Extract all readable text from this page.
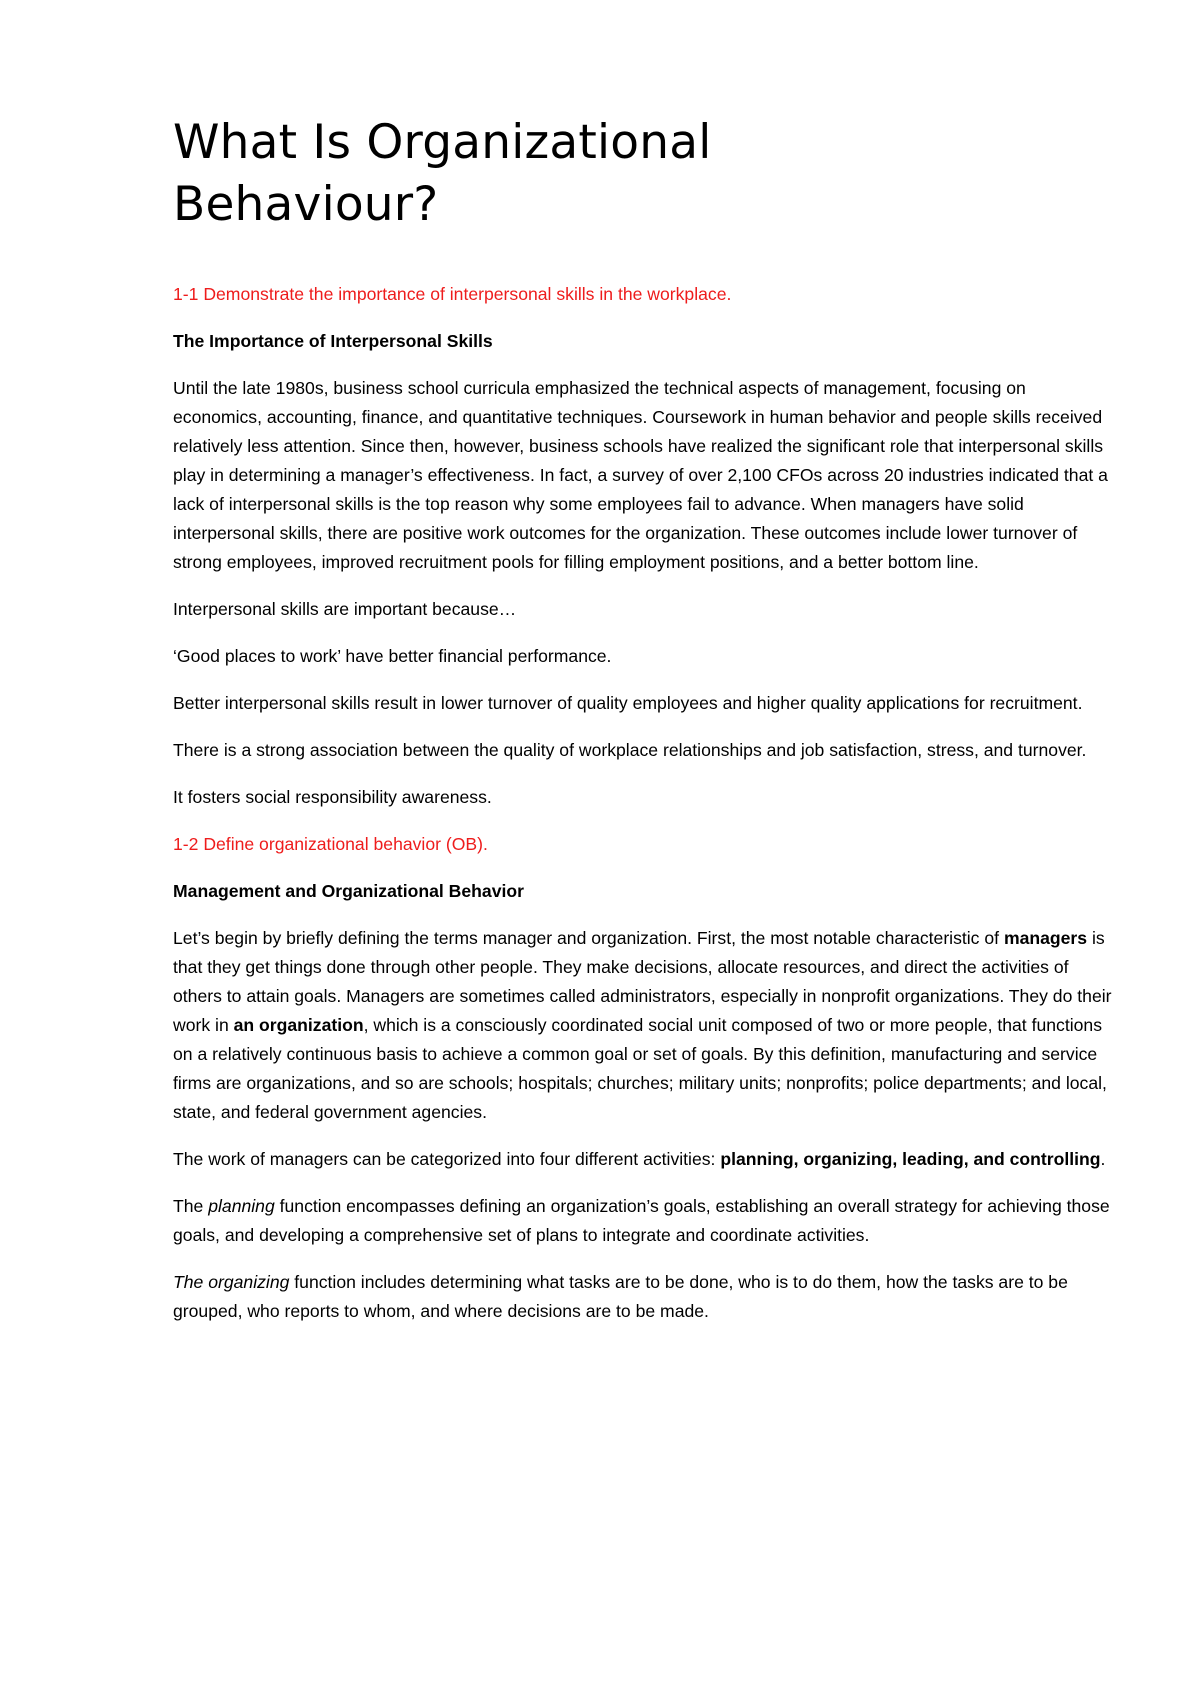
What Is Organizational
Behaviour?

1-1 Demonstrate the importance of interpersonal skills in the workplace.

The Importance of Interpersonal Skills

Until the late 1980s, business school curricula emphasized the technical aspects of management, focusing on economics, accounting, finance, and quantitative techniques. Coursework in human behavior and people skills received relatively less attention. Since then, however, business schools have realized the significant role that interpersonal skills play in determining a manager’s effectiveness. In fact, a survey of over 2,100 CFOs across 20 industries indicated that a lack of interpersonal skills is the top reason why some employees fail to advance. When managers have solid interpersonal skills, there are positive work outcomes for the organization. These outcomes include lower turnover of strong employees, improved recruitment pools for filling employment positions, and a better bottom line.

Interpersonal skills are important because…

‘Good places to work’ have better financial performance.

Better interpersonal skills result in lower turnover of quality employees and higher quality applications for recruitment.

There is a strong association between the quality of workplace relationships and job satisfaction, stress, and turnover.

It fosters social responsibility awareness.

1-2 Define organizational behavior (OB).

Management and Organizational Behavior

Let’s begin by briefly defining the terms manager and organization. First, the most notable characteristic of managers is that they get things done through other people. They make decisions, allocate resources, and direct the activities of others to attain goals. Managers are sometimes called administrators, especially in nonprofit organizations. They do their work in an organization, which is a consciously coordinated social unit composed of two or more people, that functions on a relatively continuous basis to achieve a common goal or set of goals. By this definition, manufacturing and service firms are organizations, and so are schools; hospitals; churches; military units; nonprofits; police departments; and local, state, and federal government agencies.

The work of managers can be categorized into four different activities: planning, organizing, leading, and controlling.

The planning function encompasses defining an organization’s goals, establishing an overall strategy for achieving those goals, and developing a comprehensive set of plans to integrate and coordinate activities.

The organizing function includes determining what tasks are to be done, who is to do them, how the tasks are to be grouped, who reports to whom, and where decisions are to be made.
